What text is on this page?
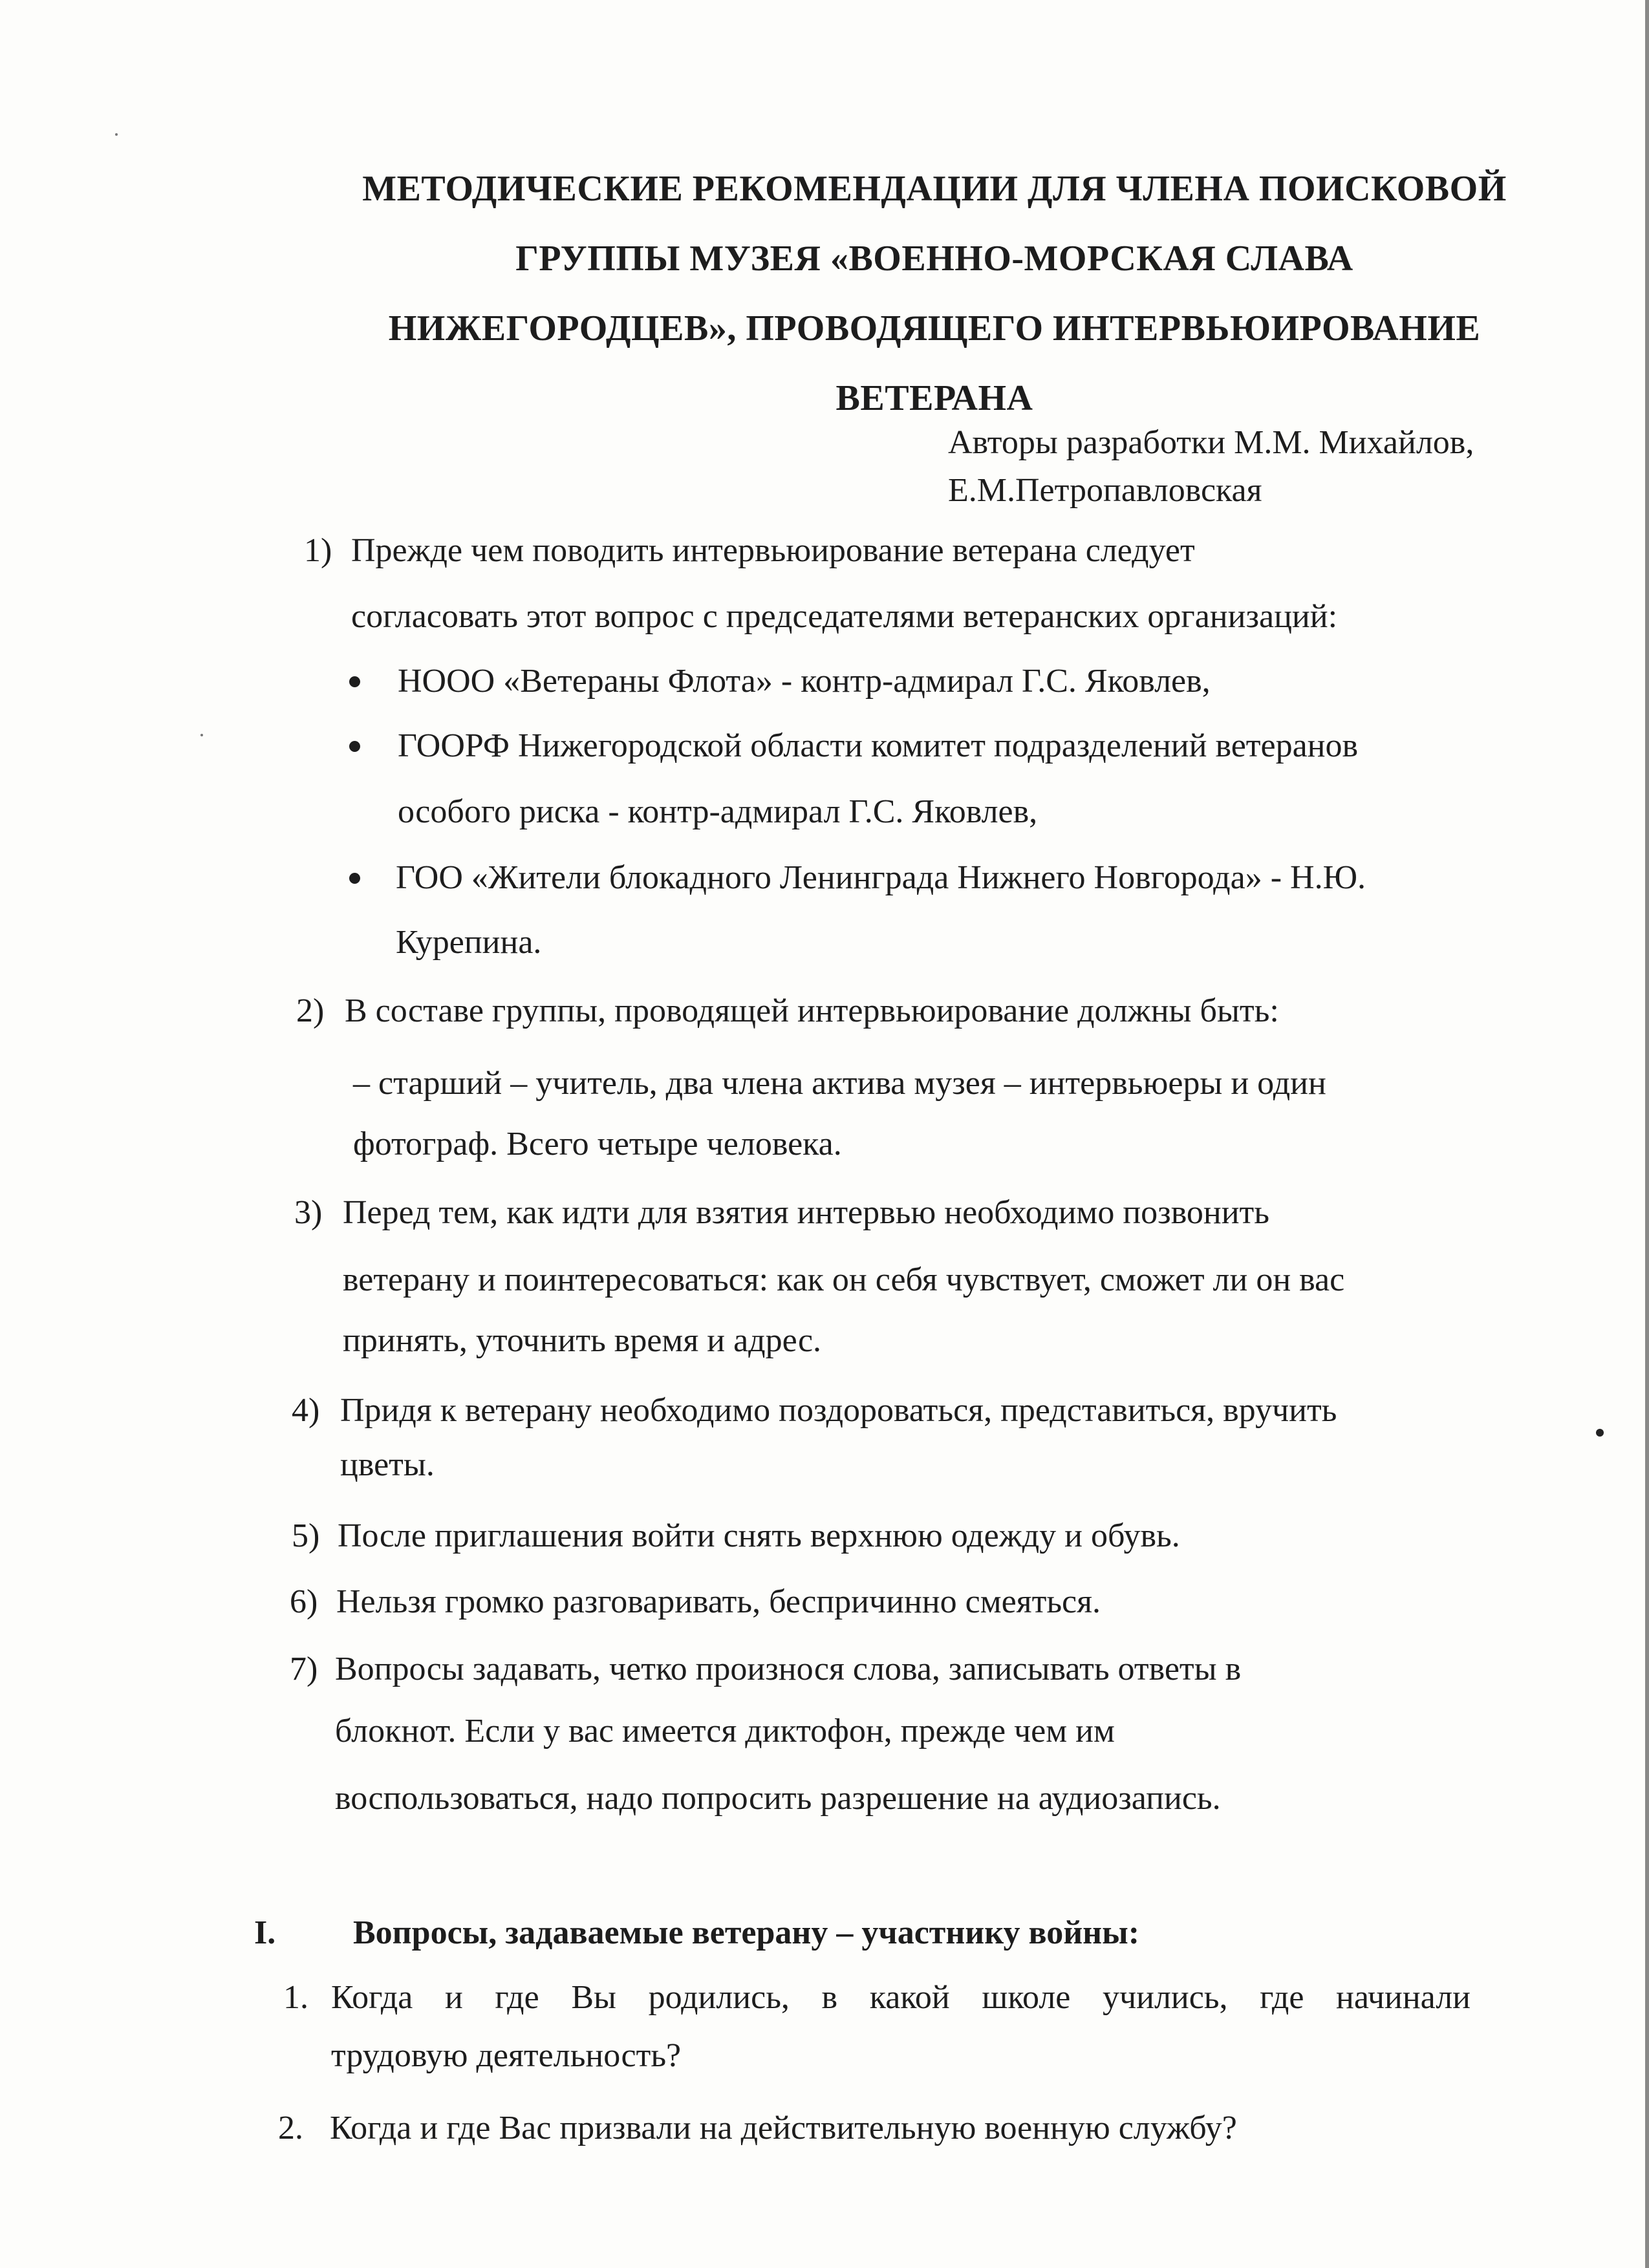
МЕТОДИЧЕСКИЕ РЕКОМЕНДАЦИИ ДЛЯ ЧЛЕНА ПОИСКОВОЙ
ГРУППЫ МУЗЕЯ «ВОЕННО-МОРСКАЯ СЛАВА
НИЖЕГОРОДЦЕВ», ПРОВОДЯЩЕГО ИНТЕРВЬЮИРОВАНИЕ
ВЕТЕРАНА
Авторы разработки М.М. Михайлов,
Е.М.Петропавловская
1) Прежде чем поводить интервьюирование ветерана следует
согласовать этот вопрос с председателями ветеранских организаций:
НООО «Ветераны Флота» - контр-адмирал Г.С. Яковлев,
ГООРФ Нижегородской области комитет подразделений ветеранов
особого риска - контр-адмирал Г.С. Яковлев,
ГОО «Жители блокадного Ленинграда Нижнего Новгорода» - Н.Ю.
Курепина.
2) В составе группы, проводящей интервьюирование должны быть:
– старший – учитель, два члена актива музея – интервьюеры и один
фотограф. Всего четыре человека.
3) Перед тем, как идти для взятия интервью необходимо позвонить
ветерану и поинтересоваться: как он себя чувствует, сможет ли он вас
принять, уточнить время и адрес.
4) Придя к ветерану необходимо поздороваться, представиться, вручить
цветы.
5) После приглашения войти снять верхнюю одежду и обувь.
6) Нельзя громко разговаривать, беспричинно смеяться.
7) Вопросы задавать, четко произнося слова, записывать ответы в
блокнот. Если у вас имеется диктофон, прежде чем им
воспользоваться, надо попросить разрешение на аудиозапись.
I. Вопросы, задаваемые ветерану – участнику войны:
1. Когда и где Вы родились, в какой школе учились, где начинали
трудовую деятельность?
2. Когда и где Вас призвали на действительную военную службу?
